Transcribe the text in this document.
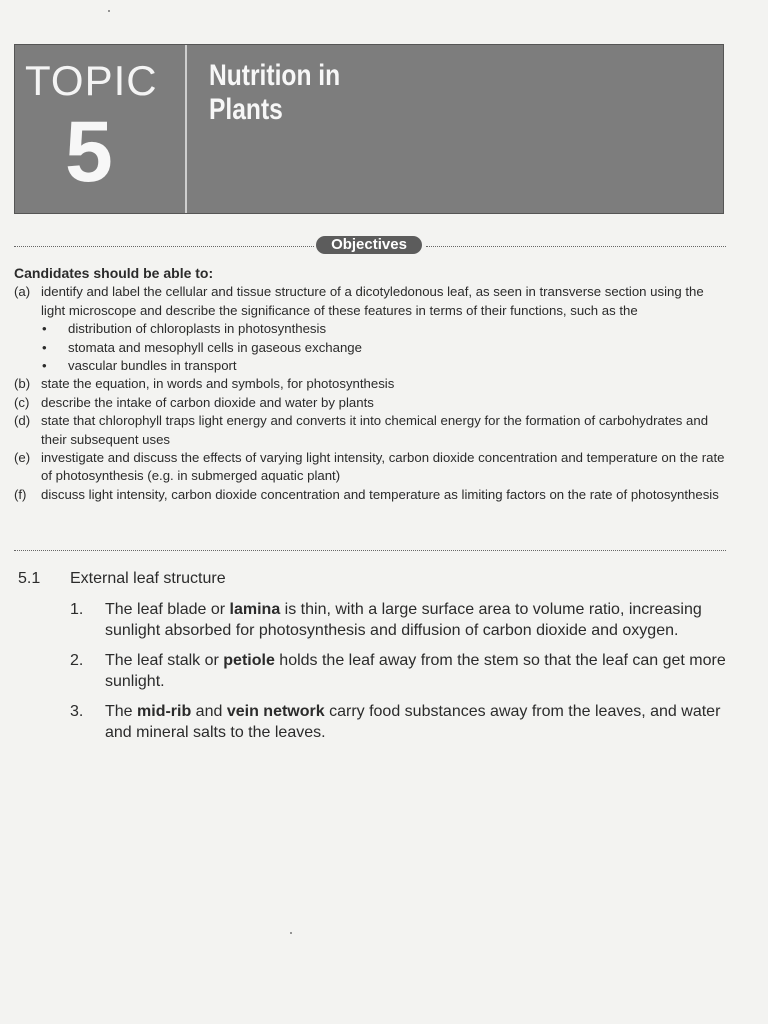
TOPIC
5
Nutrition in
Plants
Objectives
Candidates should be able to:
(a) identify and label the cellular and tissue structure of a dicotyledonous leaf, as seen in transverse section using the light microscope and describe the significance of these features in terms of their functions, such as the
• distribution of chloroplasts in photosynthesis
• stomata and mesophyll cells in gaseous exchange
• vascular bundles in transport
(b) state the equation, in words and symbols, for photosynthesis
(c) describe the intake of carbon dioxide and water by plants
(d) state that chlorophyll traps light energy and converts it into chemical energy for the formation of carbohydrates and their subsequent uses
(e) investigate and discuss the effects of varying light intensity, carbon dioxide concentration and temperature on the rate of photosynthesis (e.g. in submerged aquatic plant)
(f) discuss light intensity, carbon dioxide concentration and temperature as limiting factors on the rate of photosynthesis
5.1 External leaf structure
1. The leaf blade or lamina is thin, with a large surface area to volume ratio, increasing sunlight absorbed for photosynthesis and diffusion of carbon dioxide and oxygen.
2. The leaf stalk or petiole holds the leaf away from the stem so that the leaf can get more sunlight.
3. The mid-rib and vein network carry food substances away from the leaves, and water and mineral salts to the leaves.
